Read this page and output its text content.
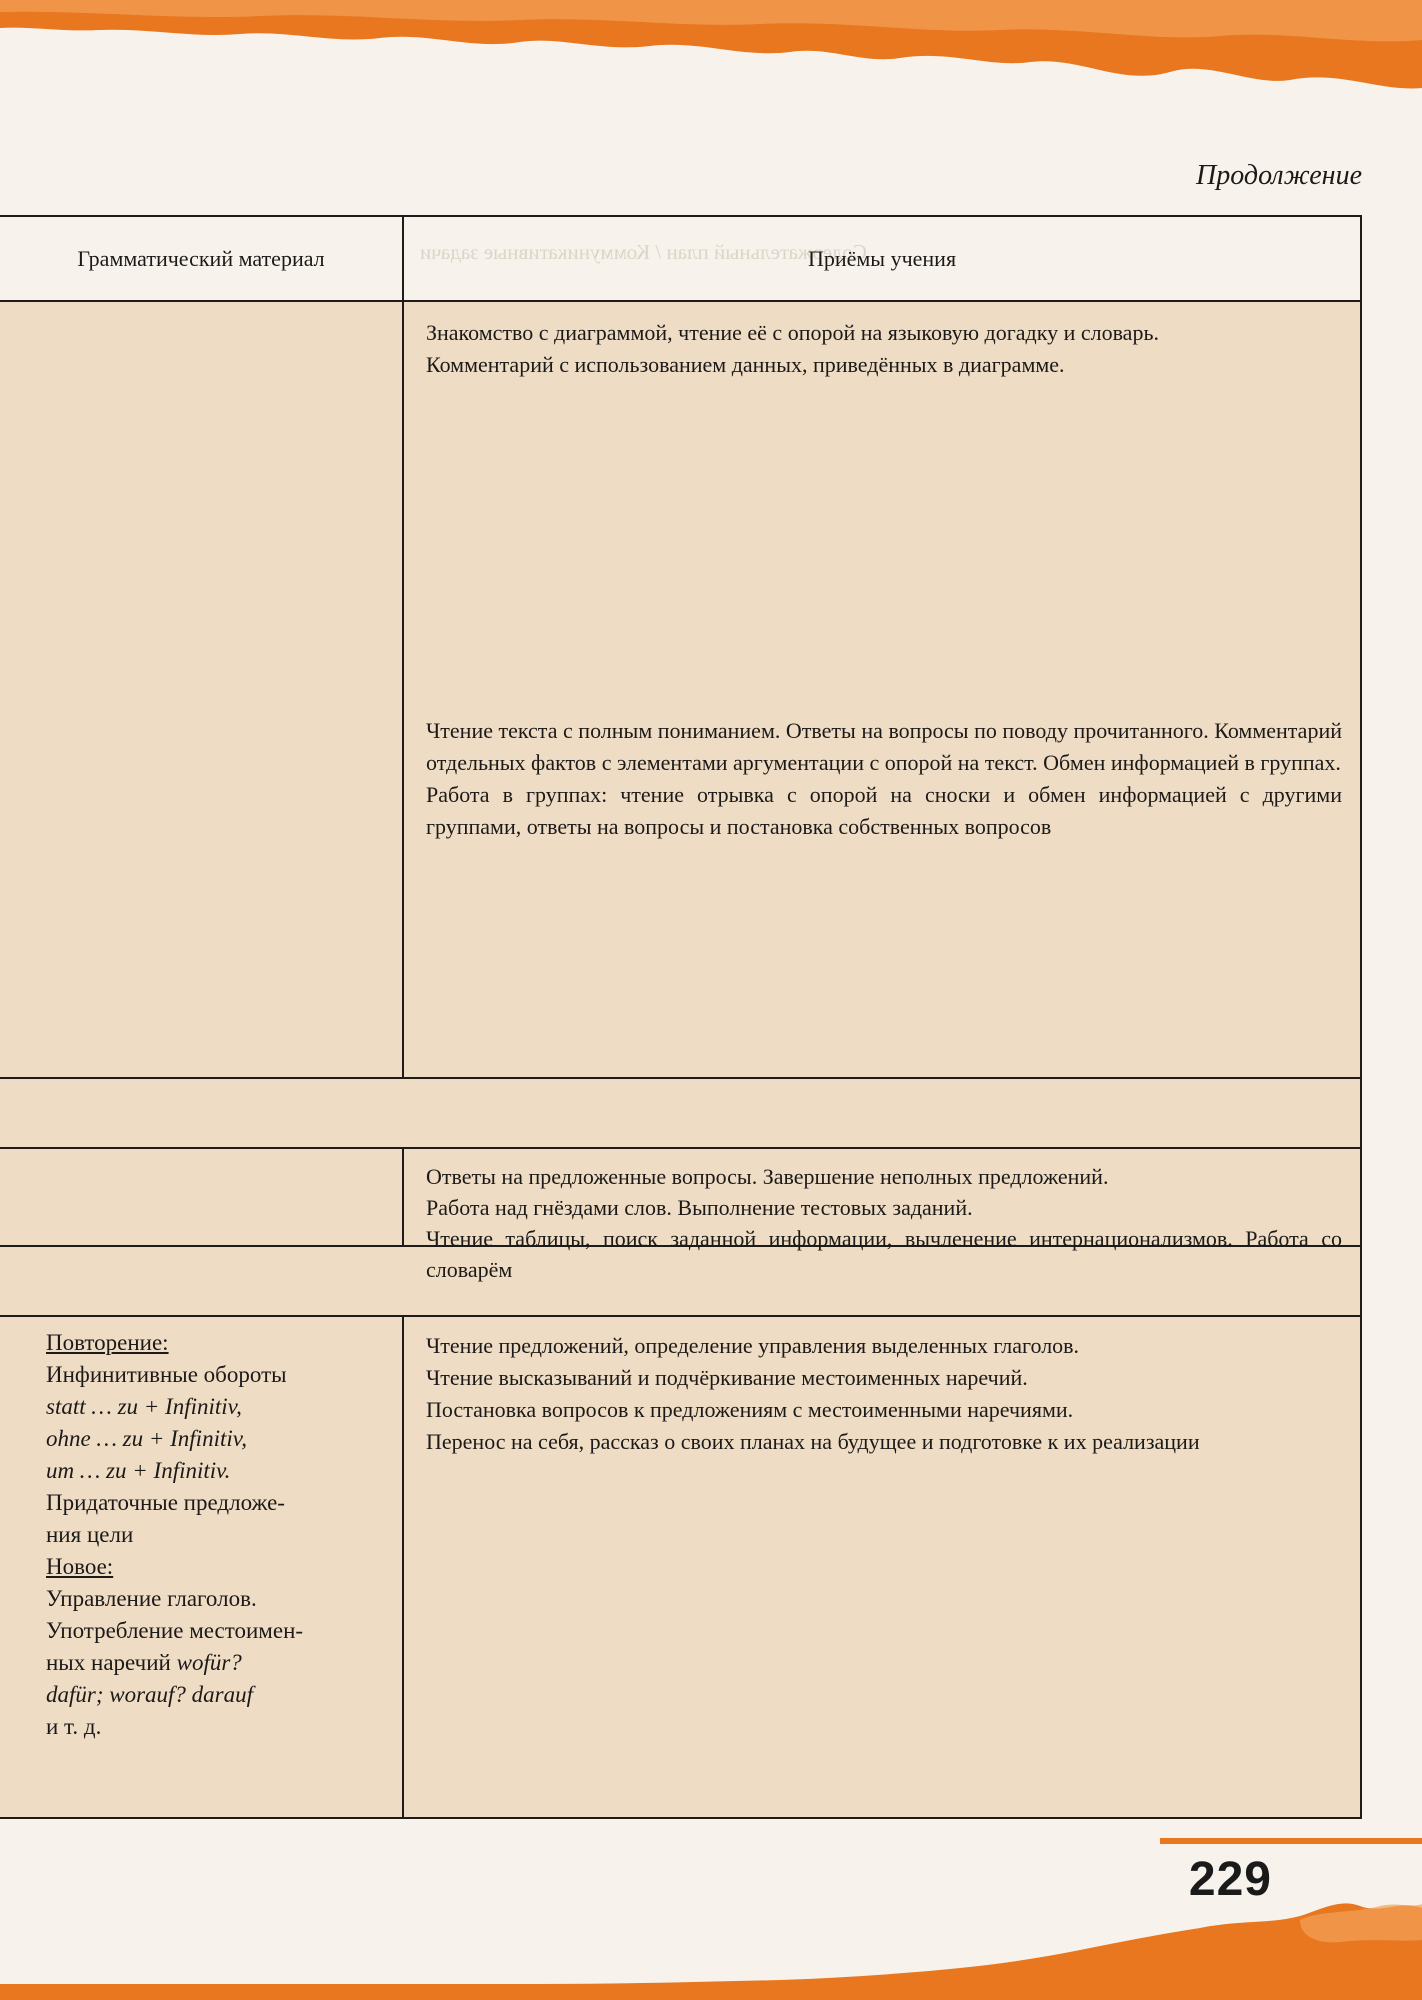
Продолжение
Содержательный план / Коммуникативные задачи
Грамматический материал	Приёмы учения

Знакомство с диаграммой, чтение её с опорой на языковую догадку и словарь.

Комментарий с использованием данных, приведённых в диаграмме.

Чтение текста с полным пониманием. Ответы на вопросы по поводу прочитанного. Комментарий отдельных фактов с элементами аргументации с опорой на текст. Обмен информацией в группах.

Работа в группах: чтение отрывка с опорой на сноски и обмен информацией с другими группами, ответы на вопросы и постановка собственных вопросов

Ответы на предложенные вопросы. Завершение неполных предложений.

Работа над гнёздами слов. Выполнение тестовых заданий.

Чтение таблицы, поиск заданной информации, вычленение интернационализмов. Работа со словарём

Повторение:
Инфинитивные обороты
statt … zu + Infinitiv,
ohne … zu + Infinitiv,
um … zu + Infinitiv.
Придаточные предложе-
ния цели
Новое:
Управление глаголов.
Употребление местоимен-
ных наречий wofür?
dafür; worauf? darauf
и т. д.

Чтение предложений, определение управления выделенных глаголов.

Чтение высказываний и подчёркивание местоименных наречий.

Постановка вопросов к предложениям с местоименными наречиями.

Перенос на себя, рассказ о своих планах на будущее и подготовке к их реализации

229
